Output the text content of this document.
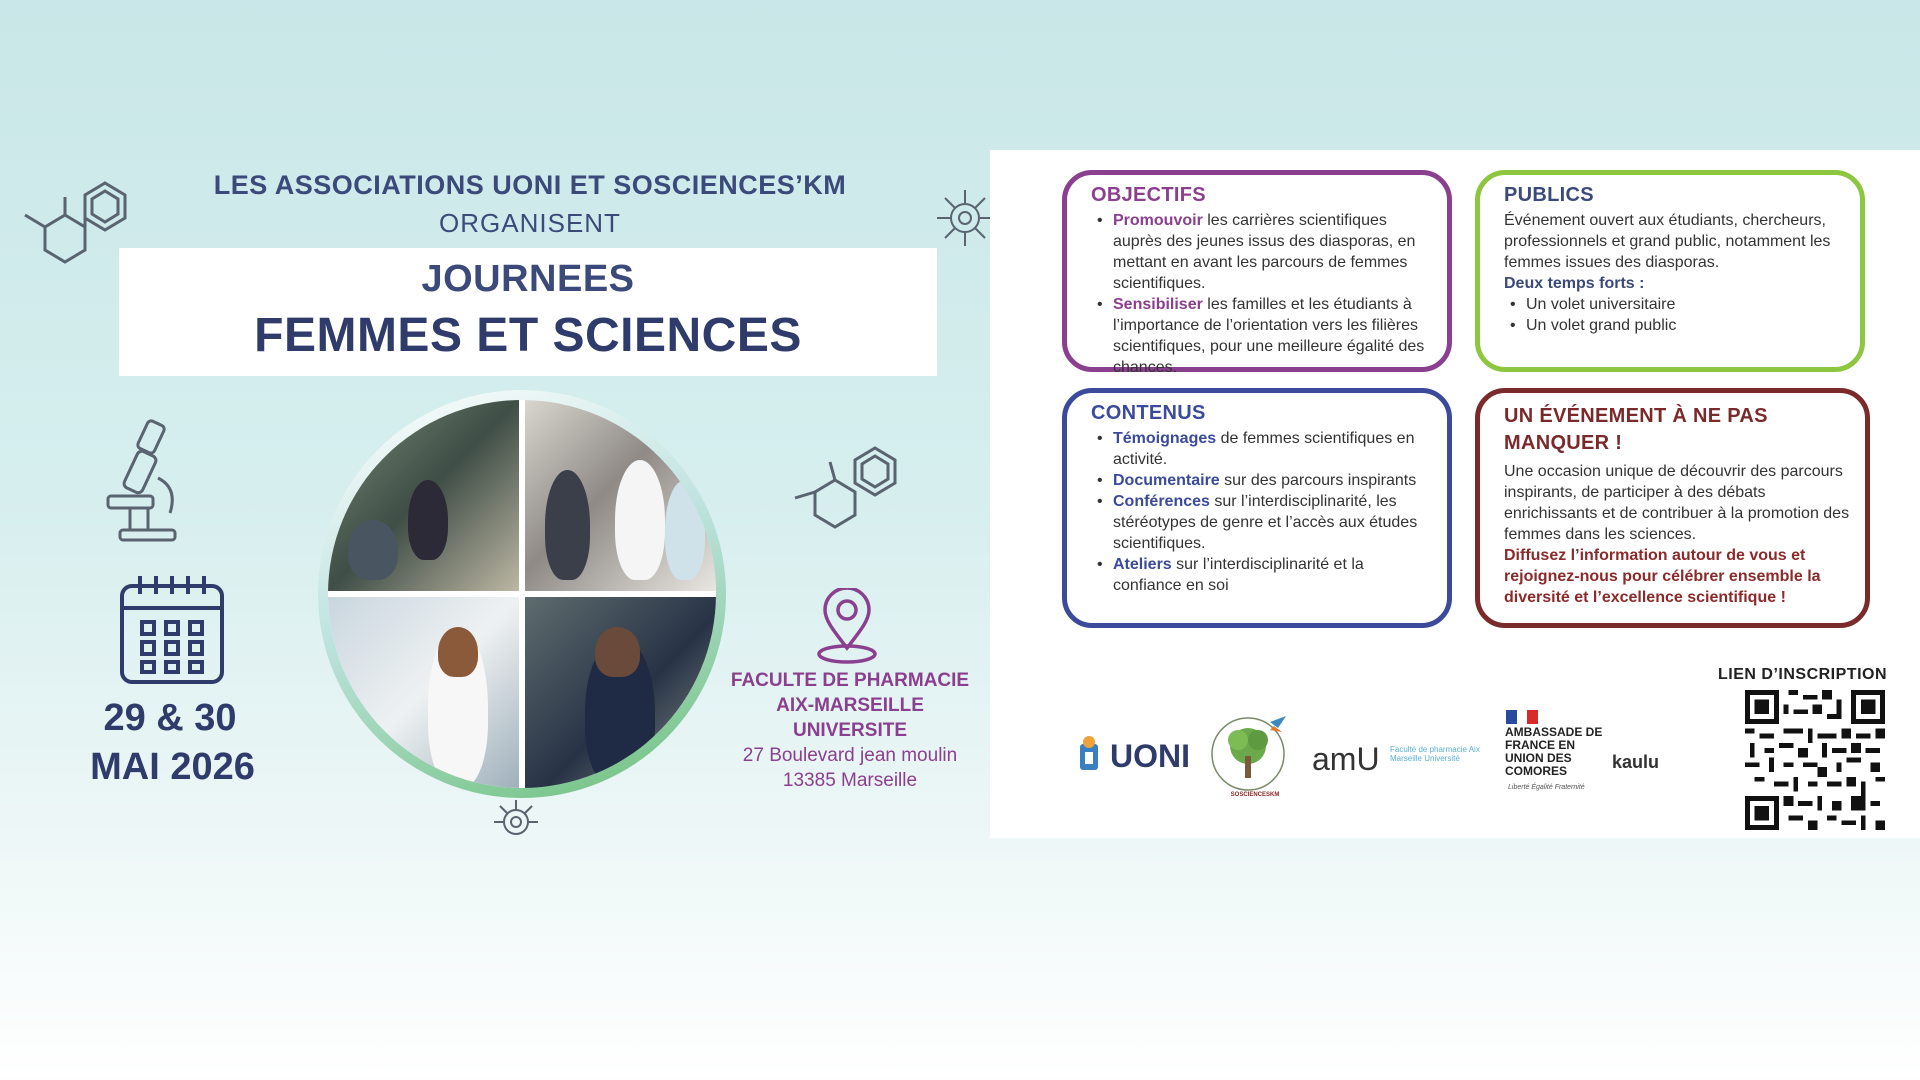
LES ASSOCIATIONS UONI ET SOSCIENCES’KM
ORGANISENT
JOURNEES
FEMMES ET SCIENCES
29 & 30
MAI 2026
FACULTE DE PHARMACIE
AIX-MARSEILLE
UNIVERSITE
27 Boulevard jean moulin
13385 Marseille
OBJECTIFS
• Promouvoir les carrières scientifiques auprès des jeunes issus des diasporas, en mettant en avant les parcours de femmes scientifiques.
• Sensibiliser les familles et les étudiants à l’importance de l’orientation vers les filières scientifiques, pour une meilleure égalité des chances.
PUBLICS
Événement ouvert aux étudiants, chercheurs, professionnels et grand public, notamment les femmes issues des diasporas.
Deux temps forts :
• Un volet universitaire
• Un volet grand public
CONTENUS
• Témoignages de femmes scientifiques en activité.
• Documentaire sur des parcours inspirants
• Conférences sur l’interdisciplinarité, les stéréotypes de genre et l’accès aux études scientifiques.
• Ateliers sur l’interdisciplinarité et la confiance en soi
UN ÉVÉNEMENT À NE PAS MANQUER !
Une occasion unique de découvrir des parcours inspirants, de participer à des débats enrichissants et de contribuer à la promotion des femmes dans les sciences.
Diffusez l’information autour de vous et rejoignez-nous pour célébrer ensemble la diversité et l’excellence scientifique !
UONI
SOSCIENCESKM
amU Faculté de pharmacie Aix Marseille Université
AMBASSADE DE FRANCE EN UNION DES COMORES
Liberté Égalité Fraternité
kaulu
LIEN D’INSCRIPTION
